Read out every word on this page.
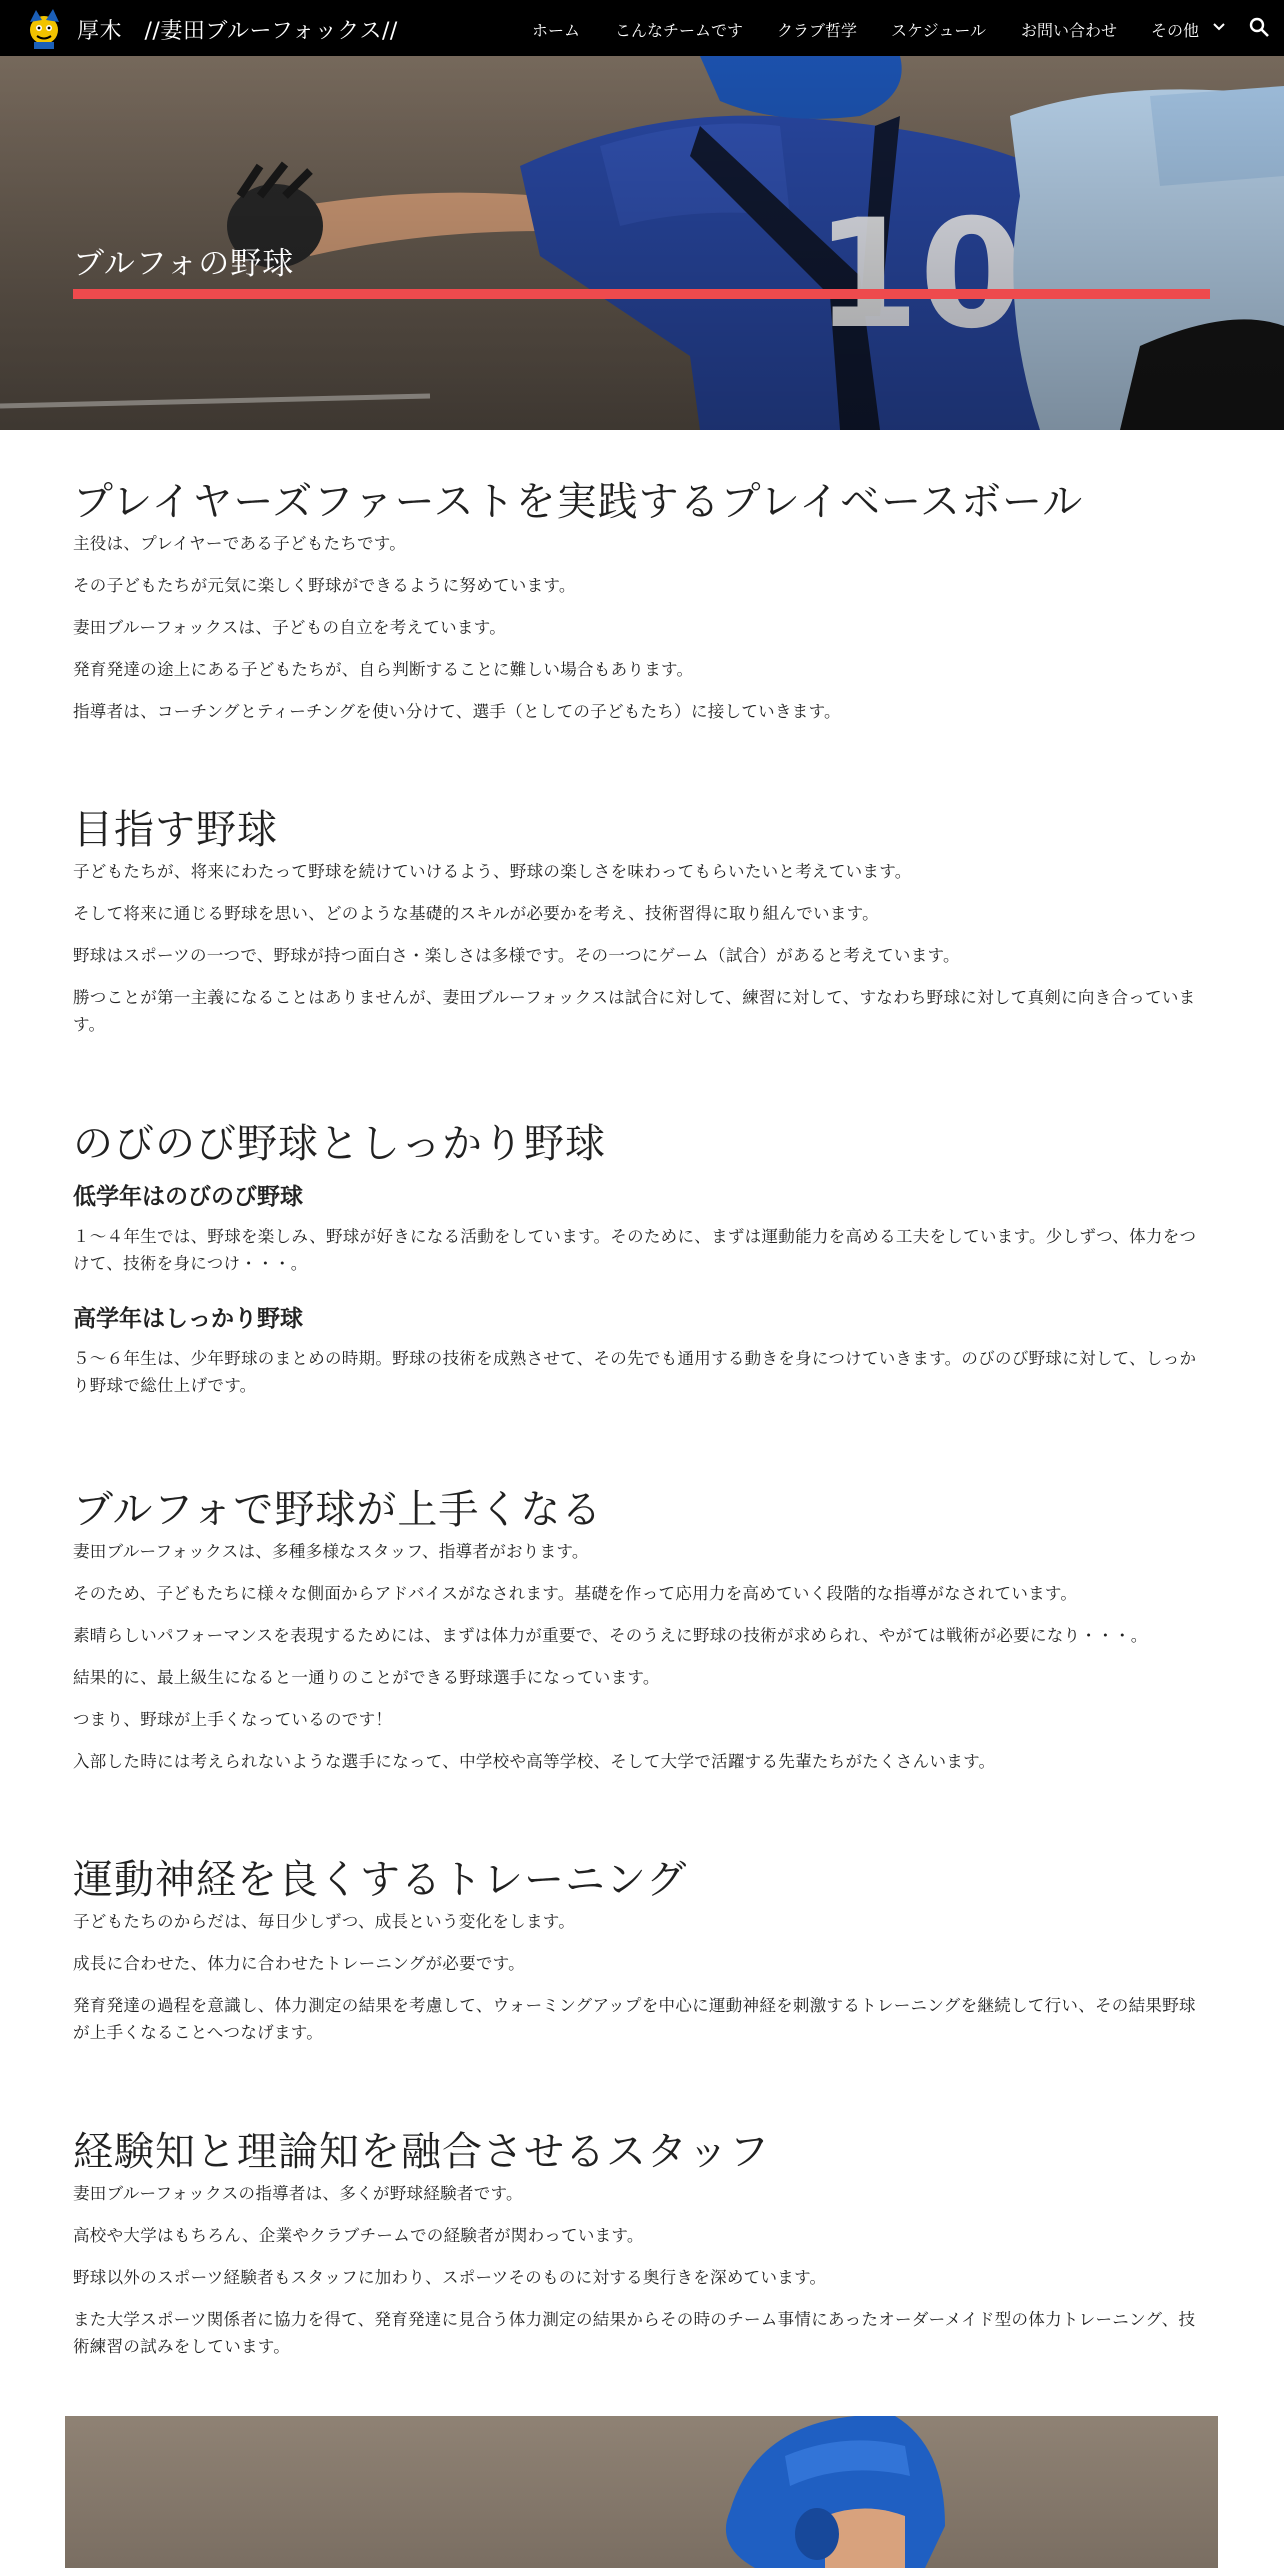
厚木　//妻田ブルーフォックス//	ホーム こんなチームです クラブ哲学 スケジュール お問い合わせ その他
ブルフォの野球
プレイヤーズファーストを実践するプレイベースボール

主役は、プレイヤーである子どもたちです。

その子どもたちが元気に楽しく野球ができるように努めています。

妻田ブルーフォックスは、子どもの自立を考えています。

発育発達の途上にある子どもたちが、自ら判断することに難しい場合もあります。

指導者は、コーチングとティーチングを使い分けて、選手（としての子どもたち）に接していきます。

目指す野球

子どもたちが、将来にわたって野球を続けていけるよう、野球の楽しさを味わってもらいたいと考えています。

そして将来に通じる野球を思い、どのような基礎的スキルが必要かを考え、技術習得に取り組んでいます。

野球はスポーツの一つで、野球が持つ面白さ・楽しさは多様です。その一つにゲーム（試合）があると考えています。

勝つことが第一主義になることはありませんが、妻田ブルーフォックスは試合に対して、練習に対して、すなわち野球に対して真剣に向き合っています。

のびのび野球としっかり野球
低学年はのびのび野球

１〜４年生では、野球を楽しみ、野球が好きになる活動をしています。そのために、まずは運動能力を高める工夫をしています。少しずつ、体力をつけて、技術を身につけ・・・。

高学年はしっかり野球

５〜６年生は、少年野球のまとめの時期。野球の技術を成熟させて、その先でも通用する動きを身につけていきます。のびのび野球に対して、しっかり野球で総仕上げです。

ブルフォで野球が上手くなる

妻田ブルーフォックスは、多種多様なスタッフ、指導者がおります。

そのため、子どもたちに様々な側面からアドバイスがなされます。基礎を作って応用力を高めていく段階的な指導がなされています。

素晴らしいパフォーマンスを表現するためには、まずは体力が重要で、そのうえに野球の技術が求められ、やがては戦術が必要になり・・・。

結果的に、最上級生になると一通りのことができる野球選手になっています。

つまり、野球が上手くなっているのです！

入部した時には考えられないような選手になって、中学校や高等学校、そして大学で活躍する先輩たちがたくさんいます。

運動神経を良くするトレーニング

子どもたちのからだは、毎日少しずつ、成長という変化をします。

成長に合わせた、体力に合わせたトレーニングが必要です。

発育発達の過程を意識し、体力測定の結果を考慮して、ウォーミングアップを中心に運動神経を刺激するトレーニングを継続して行い、その結果野球が上手くなることへつなげます。

経験知と理論知を融合させるスタッフ

妻田ブルーフォックスの指導者は、多くが野球経験者です。

高校や大学はもちろん、企業やクラブチームでの経験者が関わっています。

野球以外のスポーツ経験者もスタッフに加わり、スポーツそのものに対する奥行きを深めています。

また大学スポーツ関係者に協力を得て、発育発達に見合う体力測定の結果からその時のチーム事情にあったオーダーメイド型の体力トレーニング、技術練習の試みをしています。
